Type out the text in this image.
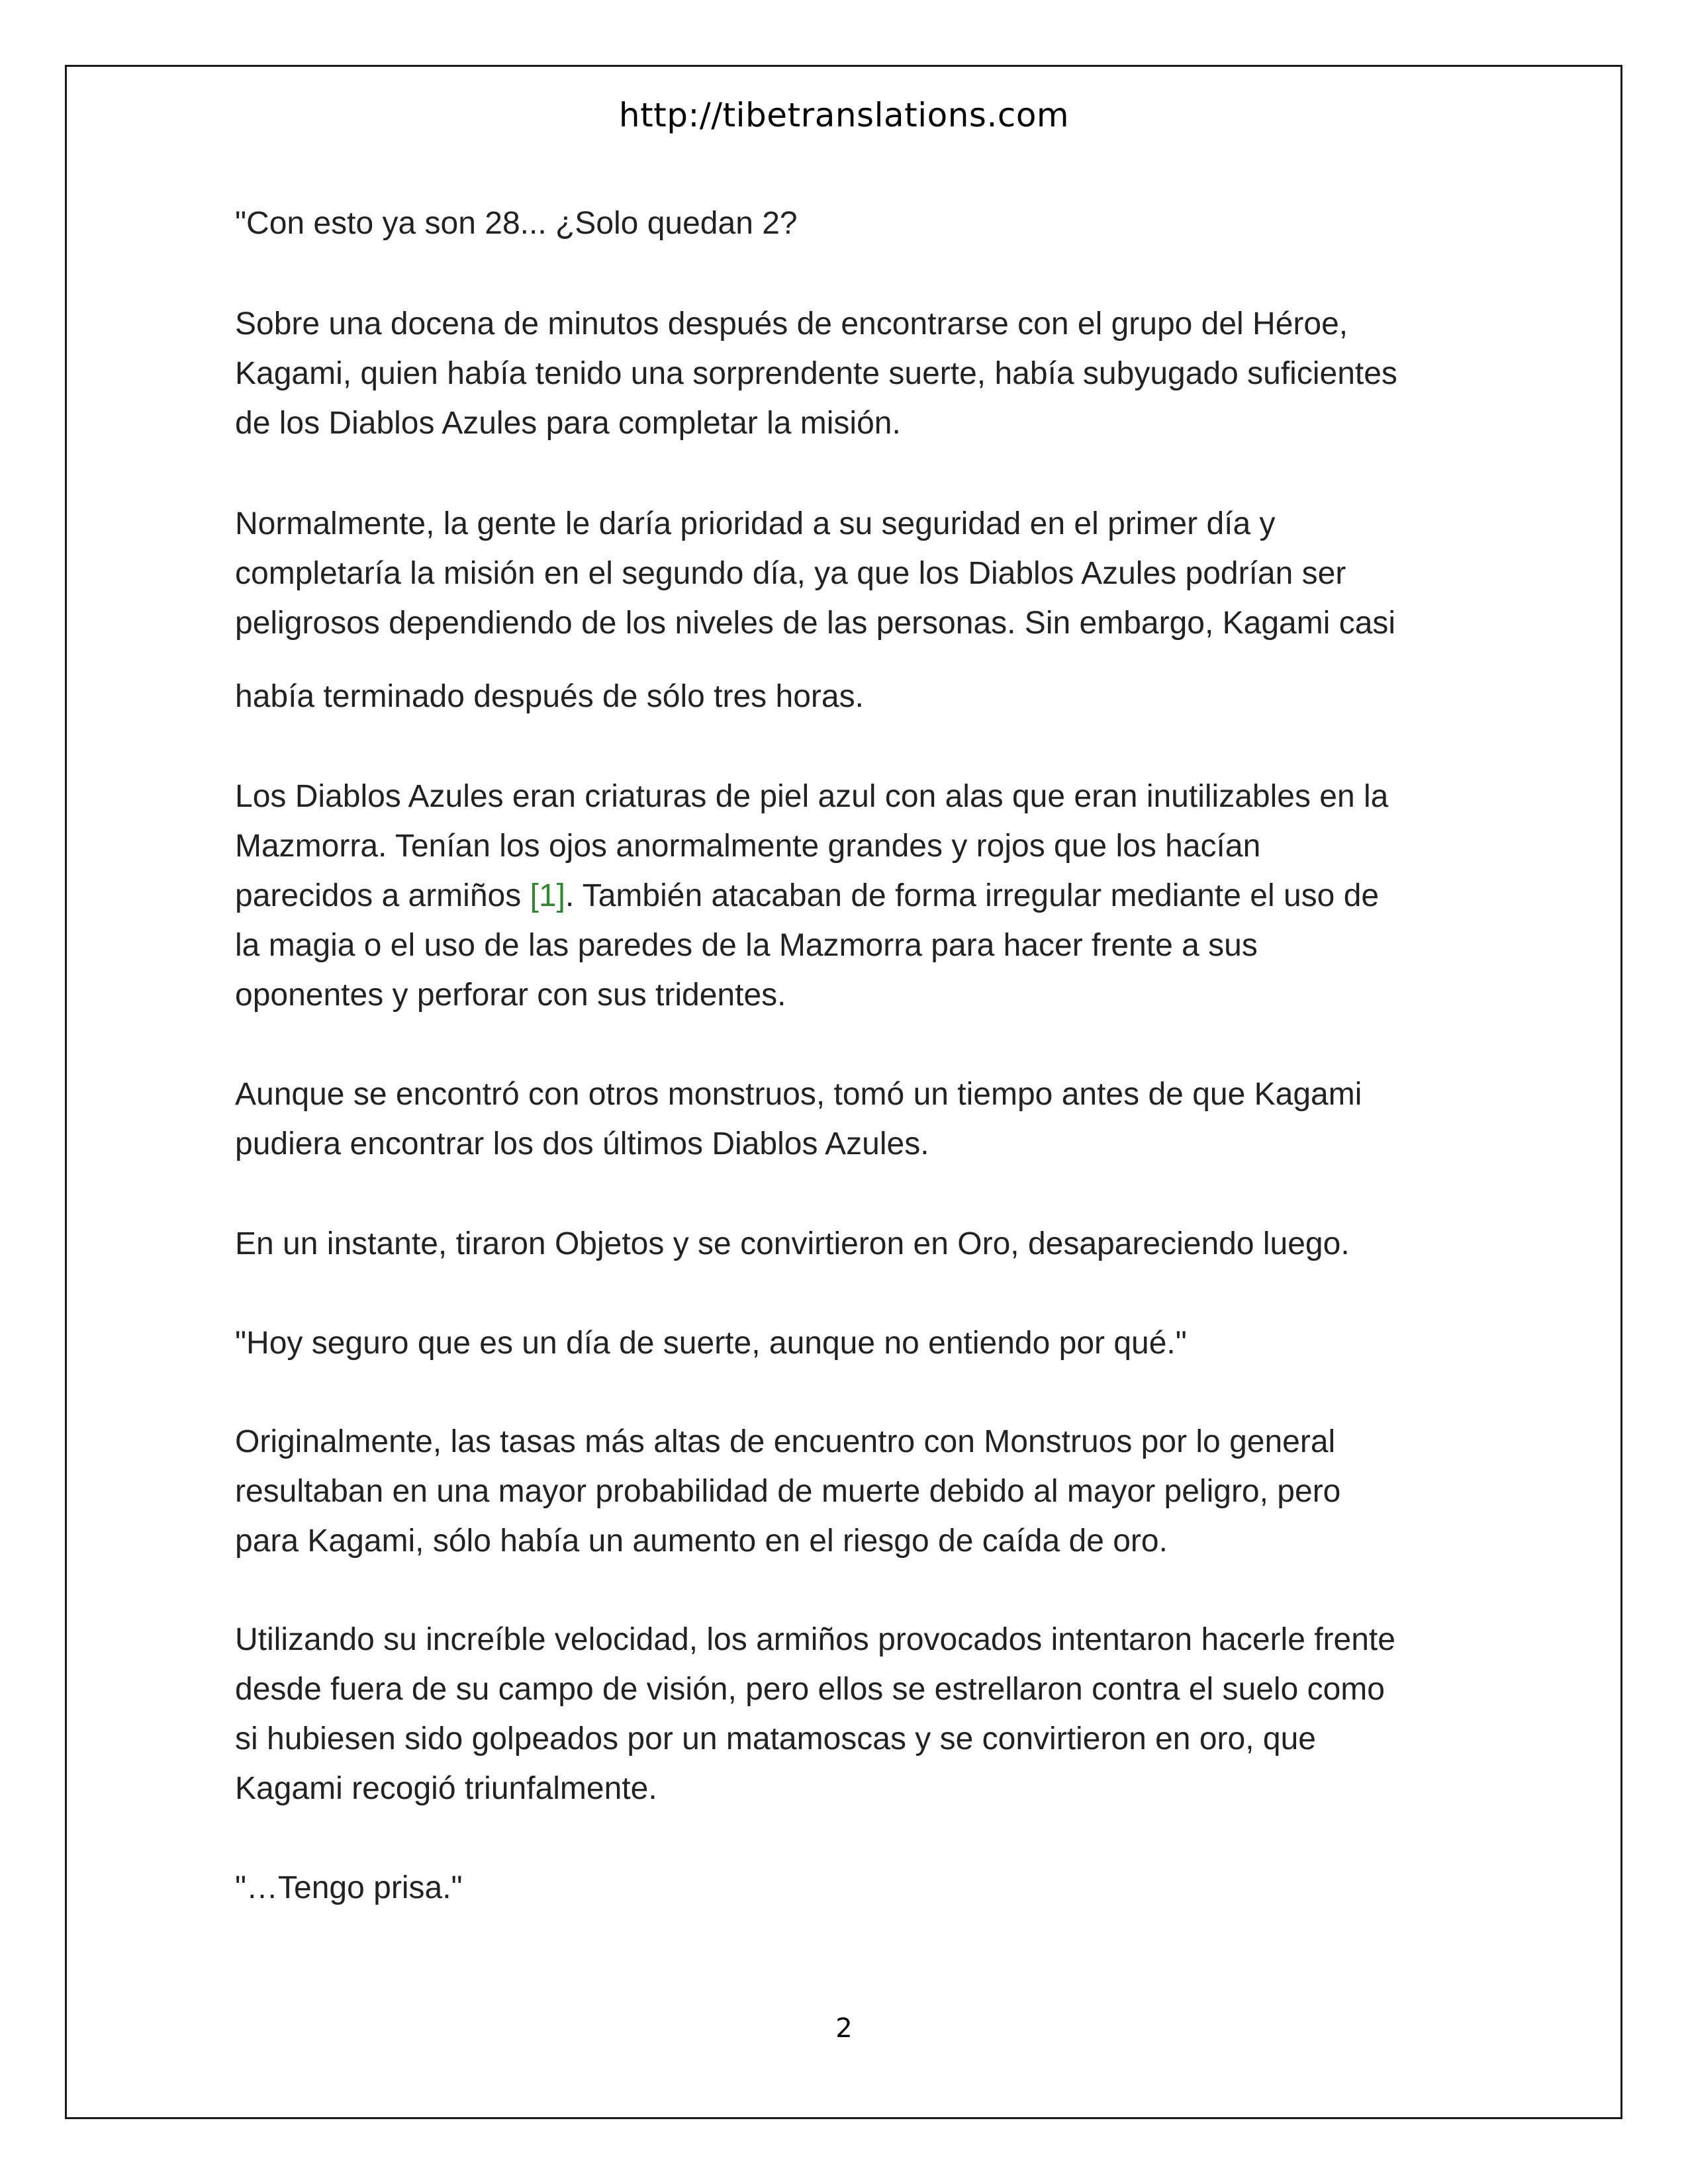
http://tibetranslations.com
"Con esto ya son 28... ¿Solo quedan 2?
Sobre una docena de minutos después de encontrarse con el grupo del Héroe,
Kagami, quien había tenido una sorprendente suerte, había subyugado suficientes
de los Diablos Azules para completar la misión.
Normalmente, la gente le daría prioridad a su seguridad en el primer día y
completaría la misión en el segundo día, ya que los Diablos Azules podrían ser
peligrosos dependiendo de los niveles de las personas. Sin embargo, Kagami casi
había terminado después de sólo tres horas.
Los Diablos Azules eran criaturas de piel azul con alas que eran inutilizables en la
Mazmorra. Tenían los ojos anormalmente grandes y rojos que los hacían
parecidos a armiños [1]. También atacaban de forma irregular mediante el uso de
la magia o el uso de las paredes de la Mazmorra para hacer frente a sus
oponentes y perforar con sus tridentes.
Aunque se encontró con otros monstruos, tomó un tiempo antes de que Kagami
pudiera encontrar los dos últimos Diablos Azules.
En un instante, tiraron Objetos y se convirtieron en Oro, desapareciendo luego.
"Hoy seguro que es un día de suerte, aunque no entiendo por qué."
Originalmente, las tasas más altas de encuentro con Monstruos por lo general
resultaban en una mayor probabilidad de muerte debido al mayor peligro, pero
para Kagami, sólo había un aumento en el riesgo de caída de oro.
Utilizando su increíble velocidad, los armiños provocados intentaron hacerle frente
desde fuera de su campo de visión, pero ellos se estrellaron contra el suelo como
si hubiesen sido golpeados por un matamoscas y se convirtieron en oro, que
Kagami recogió triunfalmente.
"…Tengo prisa."
2
